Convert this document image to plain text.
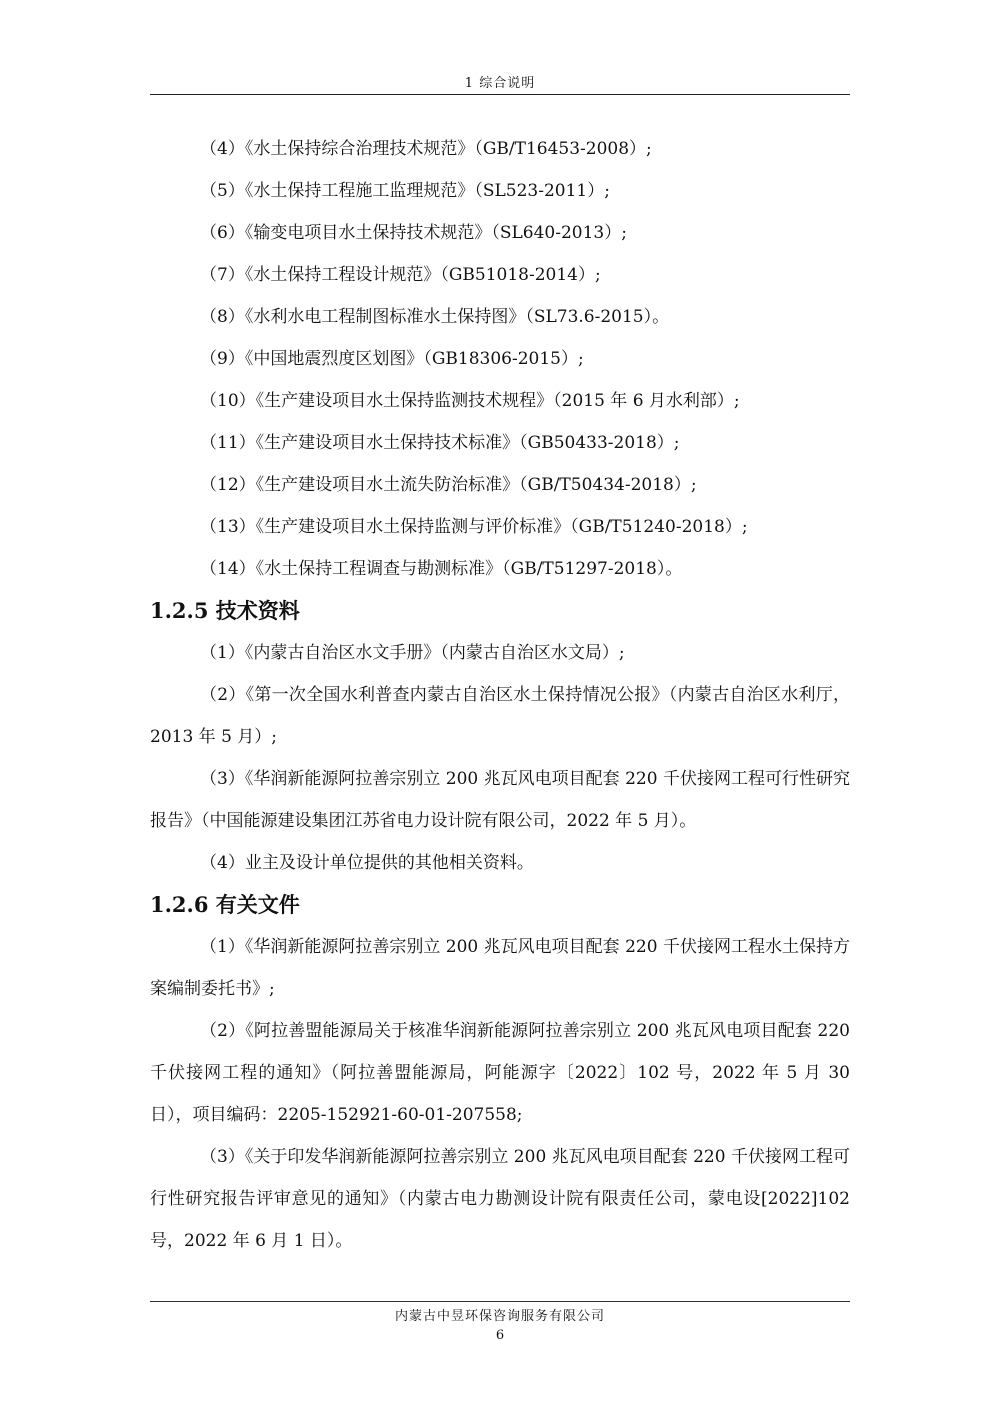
1 综合说明
（4）《水土保持综合治理技术规范》（GB/T16453-2008）;
（5）《水土保持工程施工监理规范》（SL523-2011）;
（6）《输变电项目水土保持技术规范》（SL640-2013）;
（7）《水土保持工程设计规范》（GB51018-2014）;
（8）《水利水电工程制图标准水土保持图》（SL73.6-2015）。
（9）《中国地震烈度区划图》（GB18306-2015）;
（10）《生产建设项目水土保持监测技术规程》（2015 年 6 月水利部）;
（11）《生产建设项目水土保持技术标准》（GB50433-2018）;
（12）《生产建设项目水土流失防治标准》（GB/T50434-2018）;
（13）《生产建设项目水土保持监测与评价标准》（GB/T51240-2018）;
（14）《水土保持工程调查与勘测标准》（GB/T51297-2018）。
1.2.5 技术资料
（1）《内蒙古自治区水文手册》（内蒙古自治区水文局）;
（2）《第一次全国水利普查内蒙古自治区水土保持情况公报》（内蒙古自治区水利厅，2013 年 5 月）;
（3）《华润新能源阿拉善宗别立 200 兆瓦风电项目配套 220 千伏接网工程可行性研究报告》（中国能源建设集团江苏省电力设计院有限公司，2022 年 5 月）。
（4）业主及设计单位提供的其他相关资料。
1.2.6 有关文件
（1）《华润新能源阿拉善宗别立 200 兆瓦风电项目配套 220 千伏接网工程水土保持方案编制委托书》;
（2）《阿拉善盟能源局关于核准华润新能源阿拉善宗别立 200 兆瓦风电项目配套 220 千伏接网工程的通知》（阿拉善盟能源局，阿能源字〔2022〕102 号，2022 年 5 月 30 日），项目编码：2205-152921-60-01-207558;
（3）《关于印发华润新能源阿拉善宗别立 200 兆瓦风电项目配套 220 千伏接网工程可行性研究报告评审意见的通知》（内蒙古电力勘测设计院有限责任公司，蒙电设[2022]102 号，2022 年 6 月 1 日）。
内蒙古中昱环保咨询服务有限公司
6
